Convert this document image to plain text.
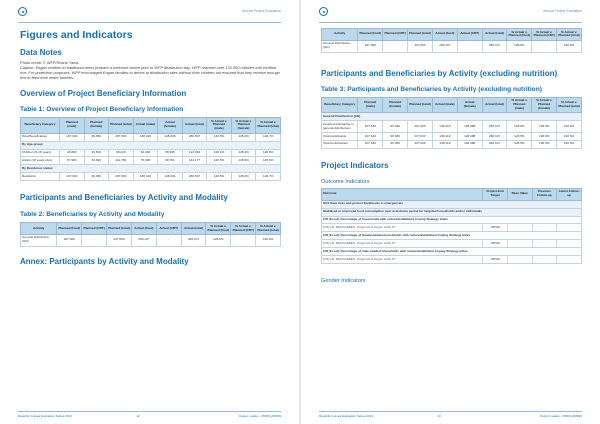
Annual Project Evaluation
Figures and Indicators
Data Notes
Photo credit: © WFP/Shane Yaela
Caption: Engan children in traditional dress prepare a welcome dance prior to WFP distribution day. WFP reached over 133,000 children with fortified rice. For protection purposes, WFP encouraged Engan families to derive at distribution sites without their children but ensured that they receive enough rice to feed their entire families.
Overview of Project Beneficiary Information
Table 1: Overview of Project Beneficiary Information
Beneficiary Category	Planned (male)	Planned (female)	Planned (total)	Actual (male)	Actual (female)	Actual (total)	% Actual v. Planned (male)	% Actual v. Planned (female)	% Actual v. Planned (total)
Total Beneficiaries	107,640	99,360	207,000	138,419	128,088	266,507	128.5%	128.9%	128.7%
By Age-group:									
Children (5-18 years)	46,800	49,500	96,220	64,348	58,995	123,339	128.1%	128.9%	128.6%
Adults (18 years plus)	57,960	53,820	111,780	75,398	68,781	144,177	128.5%	128.9%	128.9%
By Residence status:									
Residents	107,640	99,360	207,000	138,419	128,091	266,507	128.5%	128.9%	128.7%
Participants and Beneficiaries by Activity and Modality
Table 2: Beneficiaries by Activity and Modality
Activity	Planned (food)	Planned (CBT)	Planned (total)	Actual (food)	Actual (CBT)	Actual (total)	% Actual v. Planned (food)	% Actual v. Planned (CBT)	% Actual v. Planned (total)
General Distribution (GD)	207,000	-	207,000	266,107	-	266,107	128.6%	-	128.6%
Annex: Participants by Activity and Modality
Republic Guinea Evaluation Series 2019	12	Output: Leader - PRRO 200829
Annual Project Evaluation
Activity	Planned (food)	Planned (CBT)	Planned (total)	Actual (food)	Actual (CBT)	Actual (total)	% Actual v. Planned (food)	% Actual v. Planned (CBT)	% Actual v. Planned (total)
General Distribution (GD)	207,000	-	207,000	266,107	-	266,107	128.6%	-	128.6%
Participants and Beneficiaries by Activity (excluding nutrition)
Table 3: Participants and Beneficiaries by Activity (excluding nutrition)
Beneficiary Category	Planned (male)	Planned (female)	Planned (total)	Actual (male)	Actual (female)	Actual (total)	% Actual v. Planned (male)	% Actual v. Planned (female)	% Actual v. Planned (total)
General Distribution (GD)									
People participating in general distributions	107,640	99,360	207,000	138,419	128,088	266,107	128.5%	128.9%	128.6%
Total participants	107,640	99,360	207,000	138,419	128,088	266,107	128.5%	128.9%	128.6%
Total beneficiaries	107,640	99,360	207,000	138,419	128,088	266,107	128.5%	128.9%	128.6%
Project Indicators
Outcome Indicators
Outcome	Project End Target	Base Value	Previous Follow-up	Latest Follow-up
SO1 Save lives and protect livelihoods in emergencies				
Stabilized or improved food consumption over assistance period for targeted households and/or individuals				
CSI (Food): Percentage of households with reduced/stabilized Coping Strategy Index				
PNP LB. BENGUEBEN, Project End Target: 2016.07	=80.00			
CSI (Food): Percentage of female-headed households with reduced/stabilized Coping Strategy Index				
PNP LB. BENGUEBEN, Project End Target: 2016.07	=80.00			
CSI (Food): Percentage of male-headed households with reduced/stabilized Coping Strategy Index				
PNP LB. BENGUEBEN, Project End Target: 2016.07	=80.00			
Gender Indicators
Republic Guinea Evaluation Series 2019	13	Output: Leader - PRRO 200829
